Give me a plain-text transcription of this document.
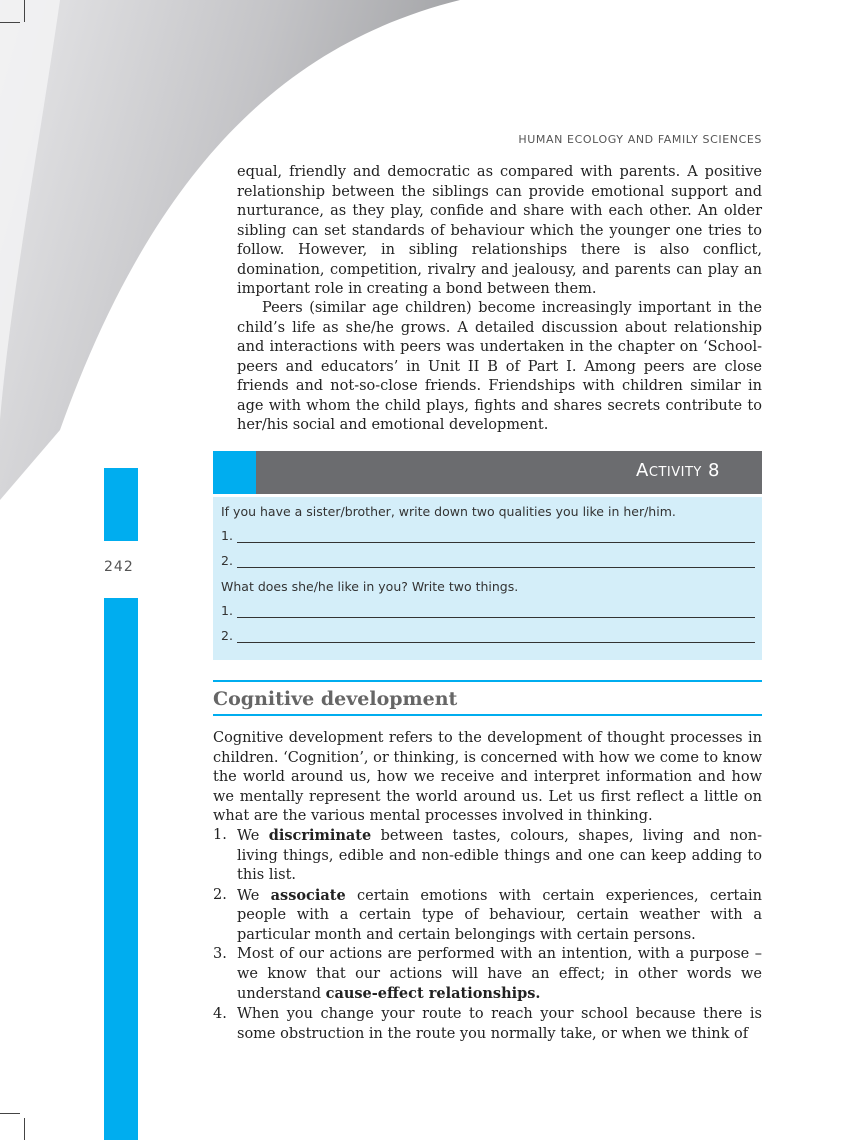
HUMAN ECOLOGY AND FAMILY SCIENCES
242

equal, friendly and democratic as compared with parents. A positive relationship between the siblings can provide emotional support and nurturance, as they play, confide and share with each other. An older sibling can set standards of behaviour which the younger one tries to follow. However, in sibling relationships there is also conflict, domination, competition, rivalry and jealousy, and parents can play an important role in creating a bond between them.

Peers (similar age children) become increasingly important in the child’s life as she/he grows. A detailed discussion about relationship and interactions with peers was undertaken in the chapter on ‘School-peers and educators’ in Unit II B of Part I. Among peers are close friends and not-so-close friends. Friendships with children similar in age with whom the child plays, fights and shares secrets contribute to her/his social and emotional development.

Activity 8
If you have a sister/brother, write down two qualities you like in her/him.
1.
2.
What does she/he like in you? Write two things.
1.
2.
Cognitive development

Cognitive development refers to the development of thought processes in children. ‘Cognition’, or thinking, is concerned with how we come to know the world around us, how we receive and interpret information and how we mentally represent the world around us. Let us first reflect a little on what are the various mental processes involved in thinking.

1. We discriminate between tastes, colours, shapes, living and non-living things, edible and non-edible things and one can keep adding to this list.
2. We associate certain emotions with certain experiences, certain people with a certain type of behaviour, certain weather with a particular month and certain belongings with certain persons.
3. Most of our actions are performed with an intention, with a purpose – we know that our actions will have an effect; in other words we understand cause-effect relationships.
4. When you change your route to reach your school because there is some obstruction in the route you normally take, or when we think of
